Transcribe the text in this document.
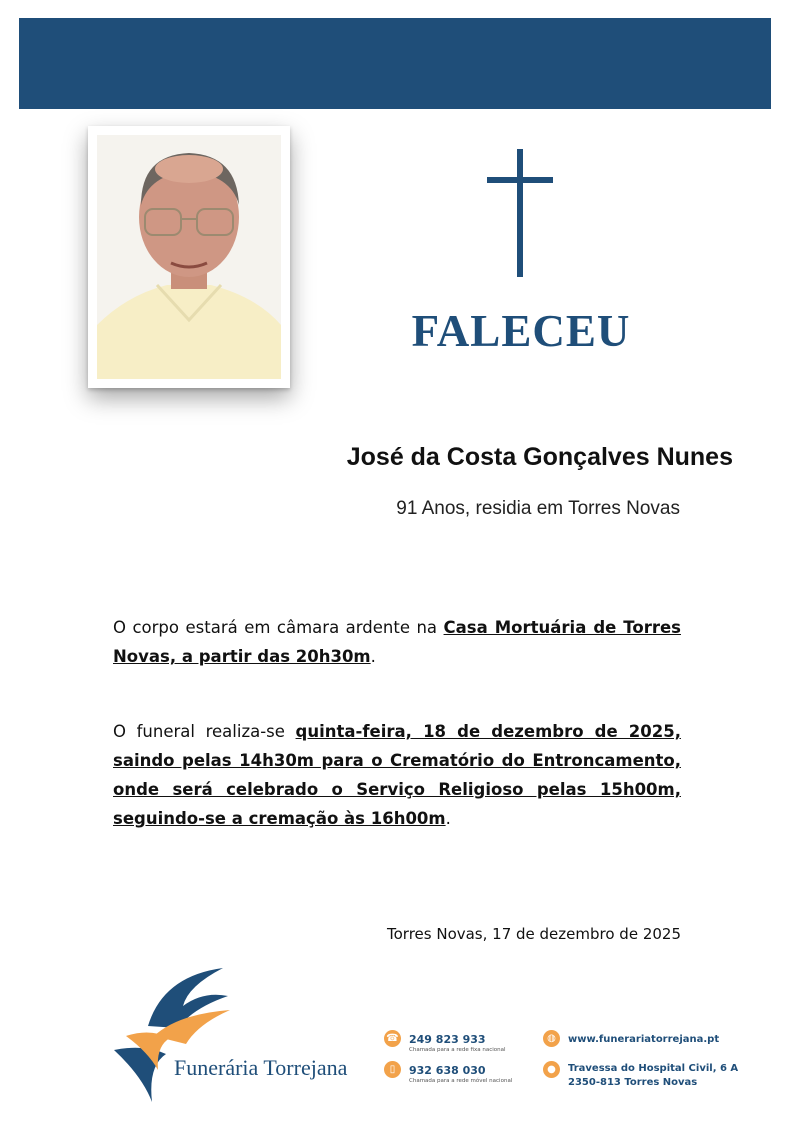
FALECEU
José da Costa Gonçalves Nunes
91 Anos, residia em Torres Novas
O corpo estará em câmara ardente na Casa Mortuária de Torres Novas, a partir das 20h30m.
O funeral realiza-se quinta-feira, 18 de dezembro de 2025, saindo pelas 14h30m para o Crematório do Entroncamento, onde será celebrado o Serviço Religioso pelas 15h00m, seguindo-se a cremação às 16h00m.
Torres Novas, 17 de dezembro de 2025
Funerária Torrejana
☎ 249 823 933
Chamada para a rede fixa nacional
▯	932 638 030
Chamada para a rede móvel nacional
◍	www.funerariatorrejana.pt
●	Travessa do Hospital Civil, 6 A
2350-813 Torres Novas
